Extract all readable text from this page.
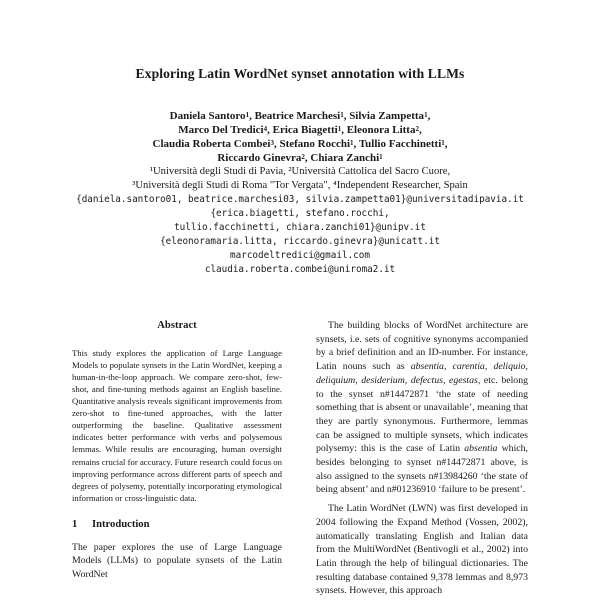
Exploring Latin WordNet synset annotation with LLMs
Daniela Santoro$^1$, Beatrice Marchesi$^1$, Silvia Zampetta$^1$,
Marco Del Tredici$^4$, Erica Biagetti$^1$, Eleonora Litta$^2$,
Claudia Roberta Combei$^3$, Stefano Rocchi$^1$, Tullio Facchinetti$^1$,
Riccardo Ginevra$^2$, Chiara Zanchi$^1$
¹Università degli Studi di Pavia, ²Università Cattolica del Sacro Cuore,
³Università degli Studi di Roma "Tor Vergata", ⁴Independent Researcher, Spain
{daniela.santoro01, beatrice.marchesi03, silvia.zampetta01}@universitadipavia.it
{erica.biagetti, stefano.rocchi,
tullio.facchinetti, chiara.zanchi01}@unipv.it
{eleonoramaria.litta, riccardo.ginevra}@unicatt.it
marcodeltredici@gmail.com
claudia.roberta.combei@uniroma2.it
Abstract

This study explores the application of Large Language Models to populate synsets in the Latin WordNet, keeping a human-in-the-loop approach. We compare zero-shot, few-shot, and fine-tuning methods against an English baseline. Quantitative analysis reveals significant improvements from zero-shot to fine-tuned approaches, with the latter outperforming the baseline. Qualitative assessment indicates better performance with verbs and polysemous lemmas. While results are encouraging, human oversight remains crucial for accuracy. Future research could focus on improving performance across different parts of speech and degrees of polysemy, potentially incorporating etymological information or cross-linguistic data.

1 Introduction

The paper explores the use of Large Language Models (LLMs) to populate synsets of the Latin WordNet

The building blocks of WordNet architecture are synsets, i.e. sets of cognitive synonyms accompanied by a brief definition and an ID-number. For instance, Latin nouns such as absentia, carentia, deliquio, deliquium, desiderium, defectus, egestas, etc. belong to the synset n#14472871 ‘the state of needing something that is absent or unavailable’, meaning that they are partly synonymous. Furthermore, lemmas can be assigned to multiple synsets, which indicates polysemy: this is the case of Latin absentia which, besides belonging to synset n#14472871 above, is also assigned to the synsets n#13984260 ‘the state of being absent’ and n#01236910 ‘failure to be present’.

The Latin WordNet (LWN) was first developed in 2004 following the Expand Method (Vossen, 2002), automatically translating English and Italian data from the MultiWordNet (Bentivogli et al., 2002) into Latin through the help of bilingual dictionaries. The resulting database contained 9,378 lemmas and 8,973 synsets. However, this approach
